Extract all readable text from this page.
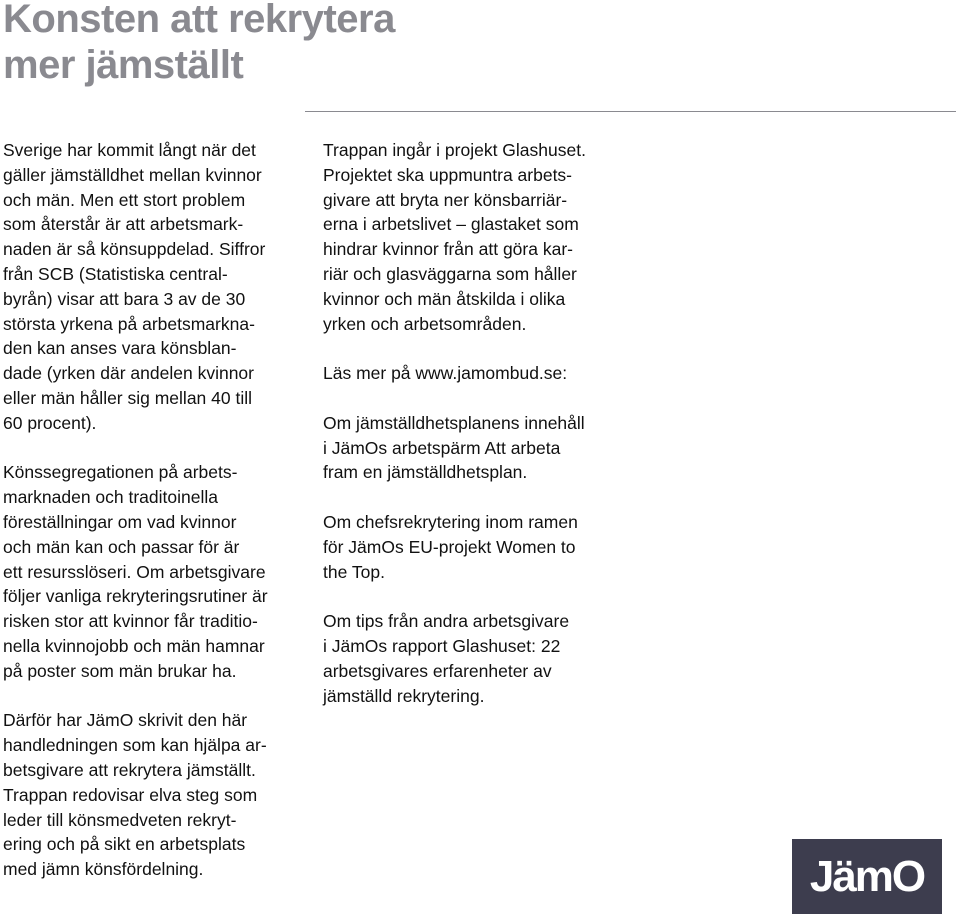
Konsten att rekrytera
mer jämställt

Sverige har kommit långt när det
gäller jämställdhet mellan kvinnor
och män. Men ett stort problem
som återstår är att arbetsmark-
naden är så könsuppdelad. Siffror
från SCB (Statistiska central-
byrån) visar att bara 3 av de 30
största yrkena på arbetsmarkna-
den kan anses vara könsblan-
dade (yrken där andelen kvinnor
eller män håller sig mellan 40 till
60 procent).

Könssegregationen på arbets-
marknaden och traditoinella
föreställningar om vad kvinnor
och män kan och passar för är
ett resursslöseri. Om arbetsgivare
följer vanliga rekryteringsrutiner är
risken stor att kvinnor får traditio-
nella kvinnojobb och män hamnar
på poster som män brukar ha.

Därför har JämO skrivit den här
handledningen som kan hjälpa ar-
betsgivare att rekrytera jämställt.
Trappan redovisar elva steg som
leder till könsmedveten rekryt-
ering och på sikt en arbetsplats
med jämn könsfördelning.

Trappan ingår i projekt Glashuset.
Projektet ska uppmuntra arbets-
givare att bryta ner könsbarriär-
erna i arbetslivet – glastaket som
hindrar kvinnor från att göra kar-
riär och glasväggarna som håller
kvinnor och män åtskilda i olika
yrken och arbetsområden.

Läs mer på www.jamombud.se:

Om jämställdhetsplanens innehåll
i JämOs arbetspärm Att arbeta
fram en jämställdhetsplan.

Om chefsrekrytering inom ramen
för JämOs EU-projekt Women to
the Top.

Om tips från andra arbetsgivare
i JämOs rapport Glashuset: 22
arbetsgivares erfarenheter av
jämställd rekrytering.

JämO
